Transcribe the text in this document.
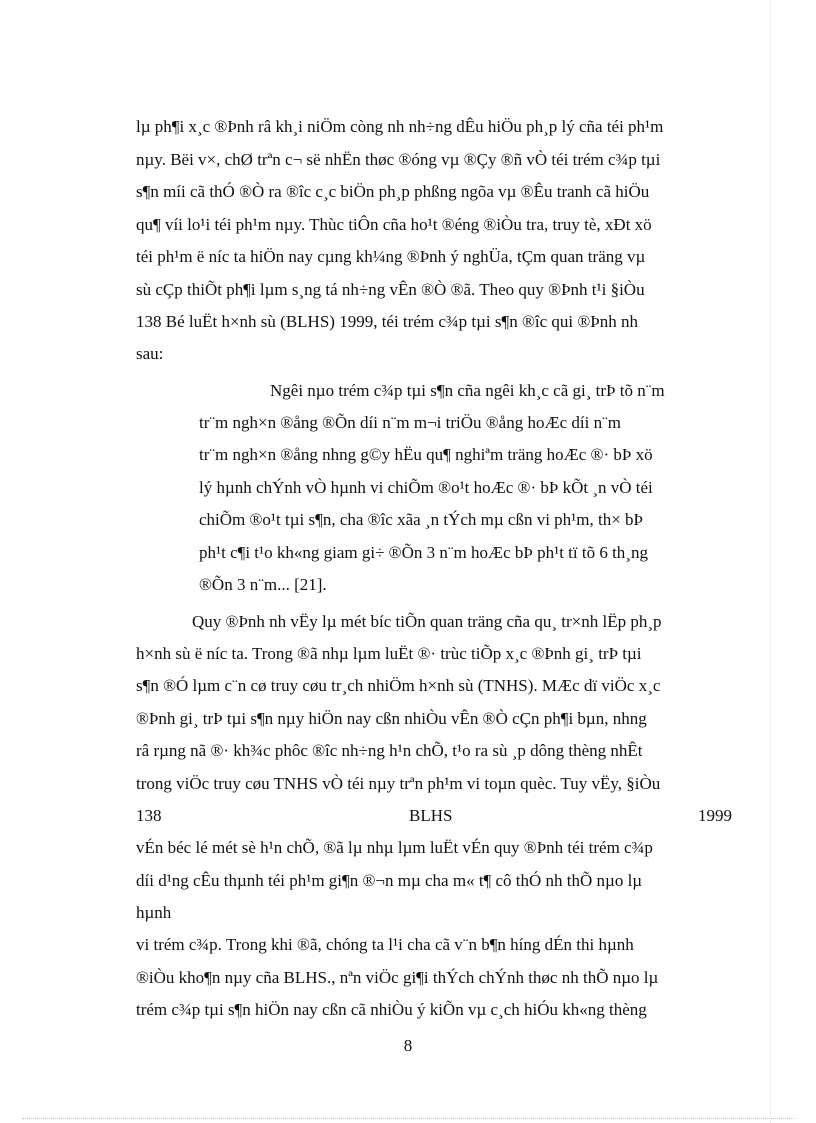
lµ ph¶i x¸c ®Þnh râ kh¸i niÖm còng nh nh÷ng dÊu hiÖu ph¸p lý cña téi ph¹m
nµy. Bëi v×, chØ trªn c¬ së nhËn thøc ®óng vµ ®Çy ®ñ vÒ téi trém c¾p tµi
s¶n míi cã thÓ ®Ò ra ®îc c¸c biÖn ph¸p phßng ngõa vµ ®Êu tranh cã hiÖu
qu¶ víi lo¹i téi ph¹m nµy. Thùc tiÔn cña ho¹t ®éng ®iÒu tra, truy tè, xÐt xö
téi ph¹m ë níc ta hiÖn nay cµng kh¼ng ®Þnh ý nghÜa, tÇm quan träng vµ
sù cÇp thiÕt ph¶i lµm s¸ng tá nh÷ng vÊn ®Ò ®ã. Theo quy ®Þnh t¹i §iÒu
138 Bé luËt h×nh sù (BLHS) 1999, téi trém c¾p tµi s¶n ®îc qui ®Þnh nh
sau:
Ngêi nµo trém c¾p tµi s¶n cña ngêi kh¸c cã gi¸ trÞ tõ n¨m
tr¨m ngh×n ®ång ®Õn díi n¨m m¬i triÖu ®ång hoÆc díi n¨m
tr¨m ngh×n ®ång nhng g©y hËu qu¶ nghiªm träng hoÆc ®· bÞ xö
lý hµnh chÝnh vÒ hµnh vi chiÕm ®o¹t hoÆc ®· bÞ kÕt ¸n vÒ téi
chiÕm ®o¹t tµi s¶n, cha ®îc xãa ¸n tÝch mµ cßn vi ph¹m, th× bÞ
ph¹t c¶i t¹o kh«ng giam gi÷ ®Õn 3 n¨m hoÆc bÞ ph¹t tï tõ 6 th¸ng
®Õn 3 n¨m... [21].
Quy ®Þnh nh vËy lµ mét bíc tiÕn quan träng cña qu¸ tr×nh lËp ph¸p
h×nh sù ë níc ta. Trong ®ã nhµ lµm luËt ®· trùc tiÕp x¸c ®Þnh gi¸ trÞ tµi
s¶n ®Ó lµm c¨n cø truy cøu tr¸ch nhiÖm h×nh sù (TNHS). MÆc dï viÖc x¸c
®Þnh gi¸ trÞ tµi s¶n nµy hiÖn nay cßn nhiÒu vÊn ®Ò cÇn ph¶i bµn, nhng
râ rµng nã ®· kh¾c phôc ®îc nh÷ng h¹n chÕ, t¹o ra sù ¸p dông thèng nhÊt
trong viÖc truy cøu TNHS vÒ téi nµy trªn ph¹m vi toµn quèc. Tuy vËy, §iÒu
138	BLHS	1999
vÉn béc lé mét sè h¹n chÕ, ®ã lµ nhµ lµm luËt vÉn quy ®Þnh téi trém c¾p
díi d¹ng cÊu thµnh téi ph¹m gi¶n ®¬n mµ cha m« t¶ cô thÓ nh thÕ nµo lµ
hµnh
vi trém c¾p. Trong khi ®ã, chóng ta l¹i cha cã v¨n b¶n híng dÉn thi hµnh
®iÒu kho¶n nµy cña BLHS., nªn viÖc gi¶i thÝch chÝnh thøc nh thÕ nµo lµ
trém c¾p tµi s¶n hiÖn nay cßn cã nhiÒu ý kiÕn vµ c¸ch hiÓu kh«ng thèng
8
